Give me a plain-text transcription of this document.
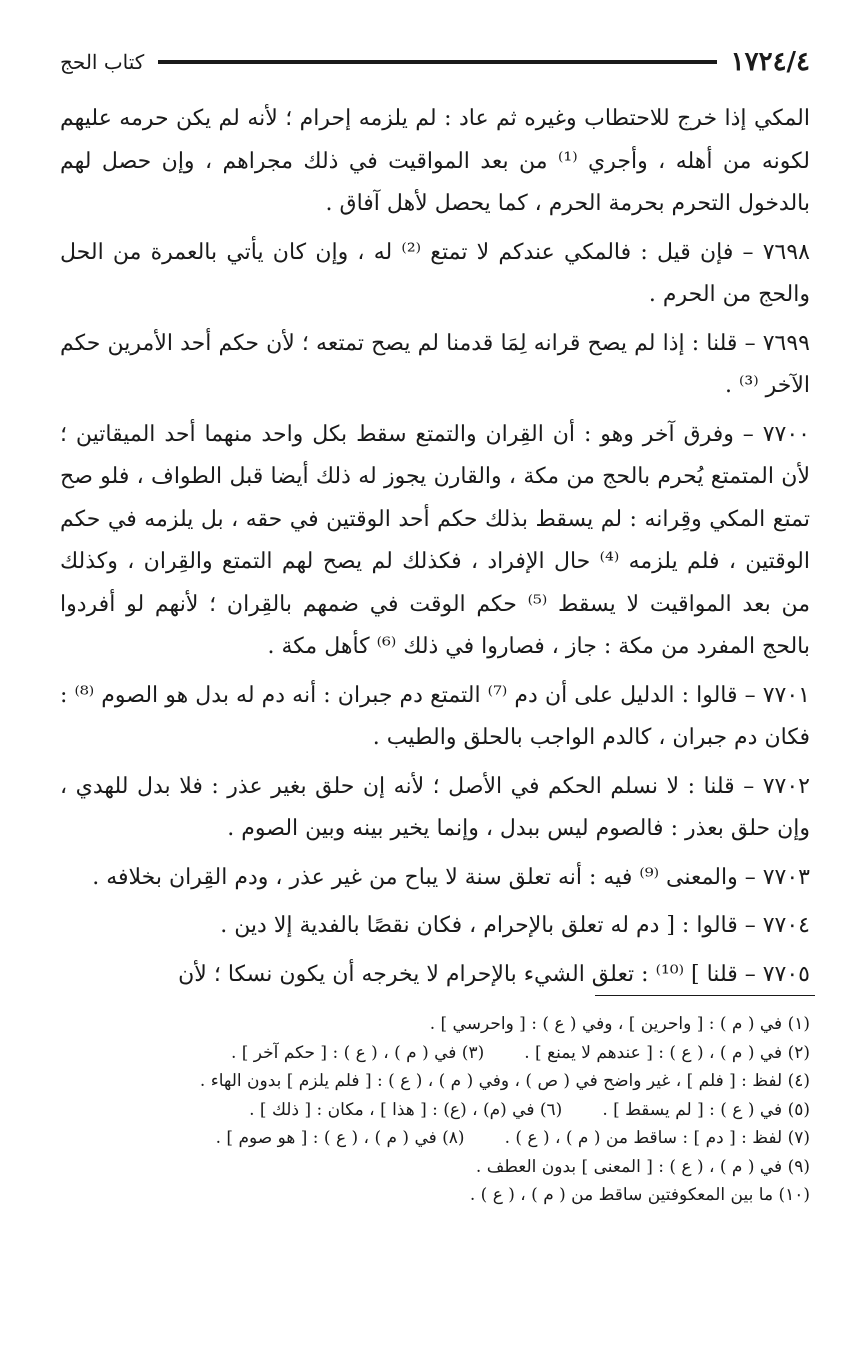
١٧٢٤/٤
كتاب الحج

المكي إذا خرج للاحتطاب وغيره ثم عاد : لم يلزمه إحرام ؛ لأنه لم يكن حرمه عليهم لكونه من أهله ، وأجري ⁽¹⁾ من بعد المواقيت في ذلك مجراهم ، وإن حصل لهم بالدخول التحرم بحرمة الحرم ، كما يحصل لأهل آفاق .

٧٦٩٨ – فإن قيل : فالمكي عندكم لا تمتع ⁽²⁾ له ، وإن كان يأتي بالعمرة من الحل والحج من الحرم .

٧٦٩٩ – قلنا : إذا لم يصح قرانه لِمَا قدمنا لم يصح تمتعه ؛ لأن حكم أحد الأمرين حكم الآخر ⁽³⁾ .

٧٧٠٠ – وفرق آخر وهو : أن القِران والتمتع سقط بكل واحد منهما أحد الميقاتين ؛ لأن المتمتع يُحرم بالحج من مكة ، والقارن يجوز له ذلك أيضا قبل الطواف ، فلو صح تمتع المكي وقِرانه : لم يسقط بذلك حكم أحد الوقتين في حقه ، بل يلزمه في حكم الوقتين ، فلم يلزمه ⁽⁴⁾ حال الإفراد ، فكذلك لم يصح لهم التمتع والقِران ، وكذلك من بعد المواقيت لا يسقط ⁽⁵⁾ حكم الوقت في ضمهم بالقِران ؛ لأنهم لو أفردوا بالحج المفرد من مكة : جاز ، فصاروا في ذلك ⁽⁶⁾ كأهل مكة .

٧٧٠١ – قالوا : الدليل على أن دم ⁽⁷⁾ التمتع دم جبران : أنه دم له بدل هو الصوم ⁽⁸⁾ : فكان دم جبران ، كالدم الواجب بالحلق والطيب .

٧٧٠٢ – قلنا : لا نسلم الحكم في الأصل ؛ لأنه إن حلق بغير عذر : فلا بدل للهدي ، وإن حلق بعذر : فالصوم ليس ببدل ، وإنما يخير بينه وبين الصوم .

٧٧٠٣ – والمعنى ⁽⁹⁾ فيه : أنه تعلق سنة لا يباح من غير عذر ، ودم القِران بخلافه .

٧٧٠٤ – قالوا : [ دم له تعلق بالإحرام ، فكان نقصًا بالفدية إلا دين .

٧٧٠٥ – قلنا ] ⁽¹⁰⁾ : تعلق الشيء بالإحرام لا يخرجه أن يكون نسكا ؛ لأن

(١) في ( م ) : [ واحرين ] ، وفي ( ع ) : [ واحرسي ] .
(٢) في ( م ) ، ( ع ) : [ عندهم لا يمنع ] .
(٣) في ( م ) ، ( ع ) : [ حكم آخر ] .
(٤) لفظ : [ فلم ] ، غير واضح في ( ص ) ، وفي ( م ) ، ( ع ) : [ فلم يلزم ] بدون الهاء .
(٥) في ( ع ) : [ لم يسقط ] .
(٦) في (م) ، (ع) : [ هذا ] ، مكان : [ ذلك ] .
(٧) لفظ : [ دم ] : ساقط من ( م ) ، ( ع ) .
(٨) في ( م ) ، ( ع ) : [ هو صوم ] .
(٩) في ( م ) ، ( ع ) : [ المعنى ] بدون العطف .
(١٠) ما بين المعكوفتين ساقط من ( م ) ، ( ع ) .
